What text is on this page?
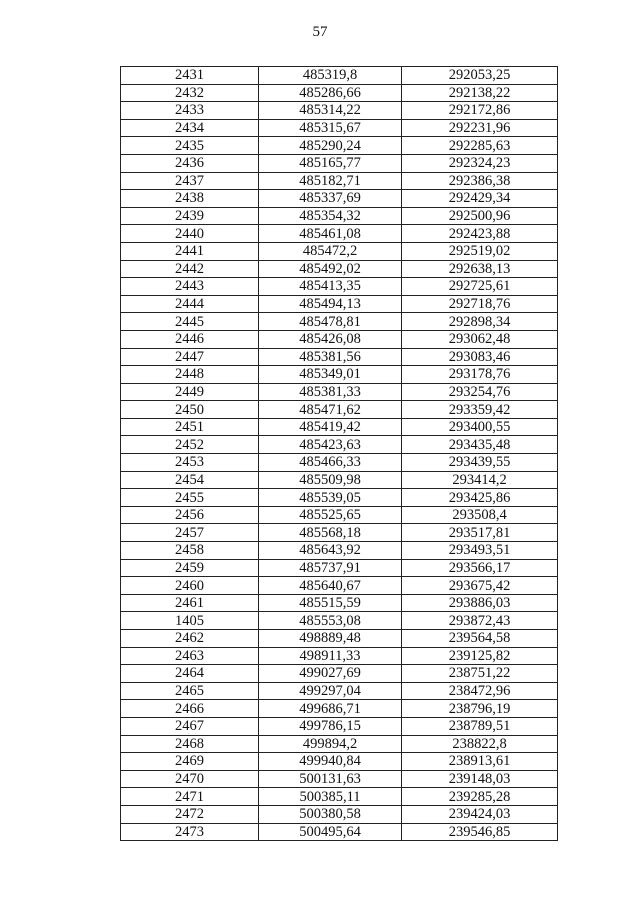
57
2431	485319,8	292053,25
2432	485286,66	292138,22
2433	485314,22	292172,86
2434	485315,67	292231,96
2435	485290,24	292285,63
2436	485165,77	292324,23
2437	485182,71	292386,38
2438	485337,69	292429,34
2439	485354,32	292500,96
2440	485461,08	292423,88
2441	485472,2	292519,02
2442	485492,02	292638,13
2443	485413,35	292725,61
2444	485494,13	292718,76
2445	485478,81	292898,34
2446	485426,08	293062,48
2447	485381,56	293083,46
2448	485349,01	293178,76
2449	485381,33	293254,76
2450	485471,62	293359,42
2451	485419,42	293400,55
2452	485423,63	293435,48
2453	485466,33	293439,55
2454	485509,98	293414,2
2455	485539,05	293425,86
2456	485525,65	293508,4
2457	485568,18	293517,81
2458	485643,92	293493,51
2459	485737,91	293566,17
2460	485640,67	293675,42
2461	485515,59	293886,03
1405	485553,08	293872,43
2462	498889,48	239564,58
2463	498911,33	239125,82
2464	499027,69	238751,22
2465	499297,04	238472,96
2466	499686,71	238796,19
2467	499786,15	238789,51
2468	499894,2	238822,8
2469	499940,84	238913,61
2470	500131,63	239148,03
2471	500385,11	239285,28
2472	500380,58	239424,03
2473	500495,64	239546,85
